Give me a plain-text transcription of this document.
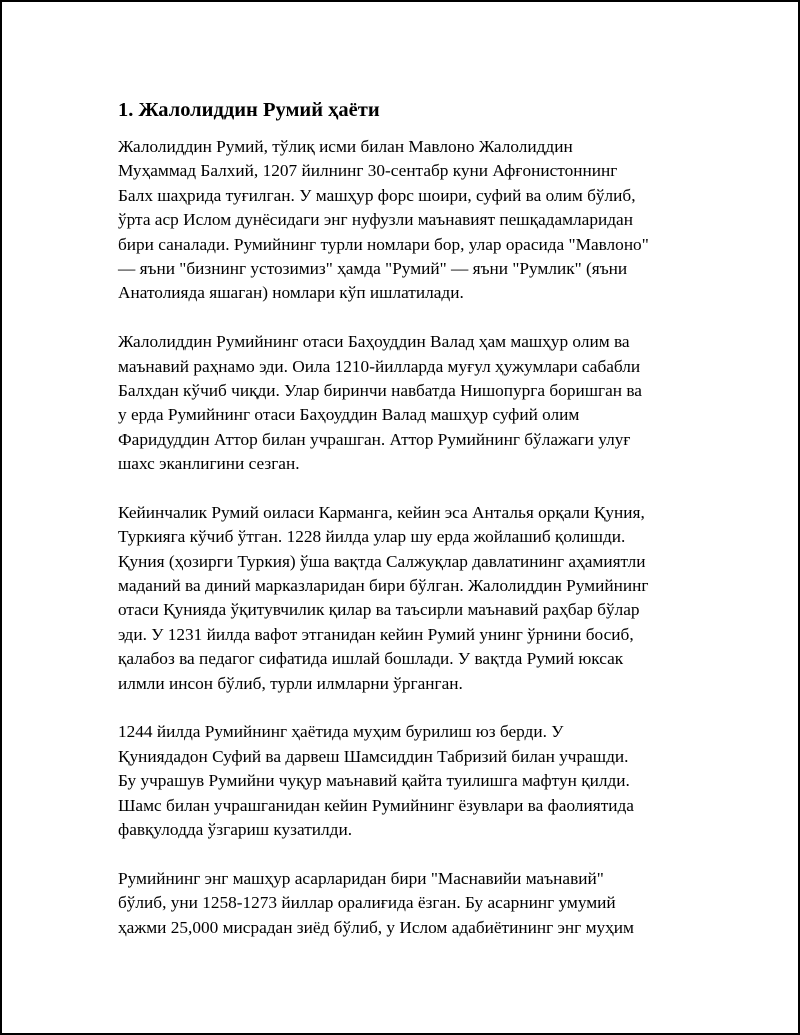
1. Жалолиддин Румий ҳаёти

Жалолиддин Румий, тўлиқ исми билан Мавлоно Жалолиддин
Муҳаммад Балхий, 1207 йилнинг 30-сентабр куни Афғонистоннинг
Балх шаҳрида туғилган. У машҳур форс шоири, суфий ва олим бўлиб,
ўрта аср Ислом дунёсидаги энг нуфузли маънавият пешқадамларидан
бири саналади. Румийнинг турли номлари бор, улар орасида "Мавлоно"
— яъни "бизнинг устозимиз" ҳамда "Румий" — яъни "Румлик" (яъни
Анатолияда яшаган) номлари кўп ишлатилади.

Жалолиддин Румийнинг отаси Баҳоуддин Валад ҳам машҳур олим ва
маънавий раҳнамо эди. Оила 1210-йилларда муғул ҳужумлари сабабли
Балхдан кўчиб чиқди. Улар биринчи навбатда Нишопурга боришган ва
у ерда Румийнинг отаси Баҳоуддин Валад машҳур суфий олим
Фаридуддин Аттор билан учрашган. Аттор Румийнинг бўлажаги улуғ
шахс эканлигини сезган.

Кейинчалик Румий оиласи Карманга, кейин эса Анталья орқали Қуния,
Туркияга кўчиб ўтган. 1228 йилда улар шу ерда жойлашиб қолишди.
Қуния (ҳозирги Туркия) ўша вақтда Салжуқлар давлатининг аҳамиятли
маданий ва диний марказларидан бири бўлган. Жалолиддин Румийнинг
отаси Қунияда ўқитувчилик қилар ва таъсирли маънавий раҳбар бўлар
эди. У 1231 йилда вафот этганидан кейин Румий унинг ўрнини босиб,
қалабоз ва педагог сифатида ишлай бошлади. У вақтда Румий юксак
илмли инсон бўлиб, турли илмларни ўрганган.

1244 йилда Румийнинг ҳаётида муҳим бурилиш юз берди. У
Қуниядадон Суфий ва дарвеш Шамсиддин Табризий билан учрашди.
Бу учрашув Румийни чуқур маънавий қайта туилишга мафтун қилди.
Шамс билан учрашганидан кейин Румийнинг ёзувлари ва фаолиятида
фавқулодда ўзгариш кузатилди.

Румийнинг энг машҳур асарларидан бири "Маснавийи маънавий"
бўлиб, уни 1258-1273 йиллар оралиғида ёзган. Бу асарнинг умумий
ҳажми 25,000 мисрадан зиёд бўлиб, у Ислом адабиётининг энг муҳим
